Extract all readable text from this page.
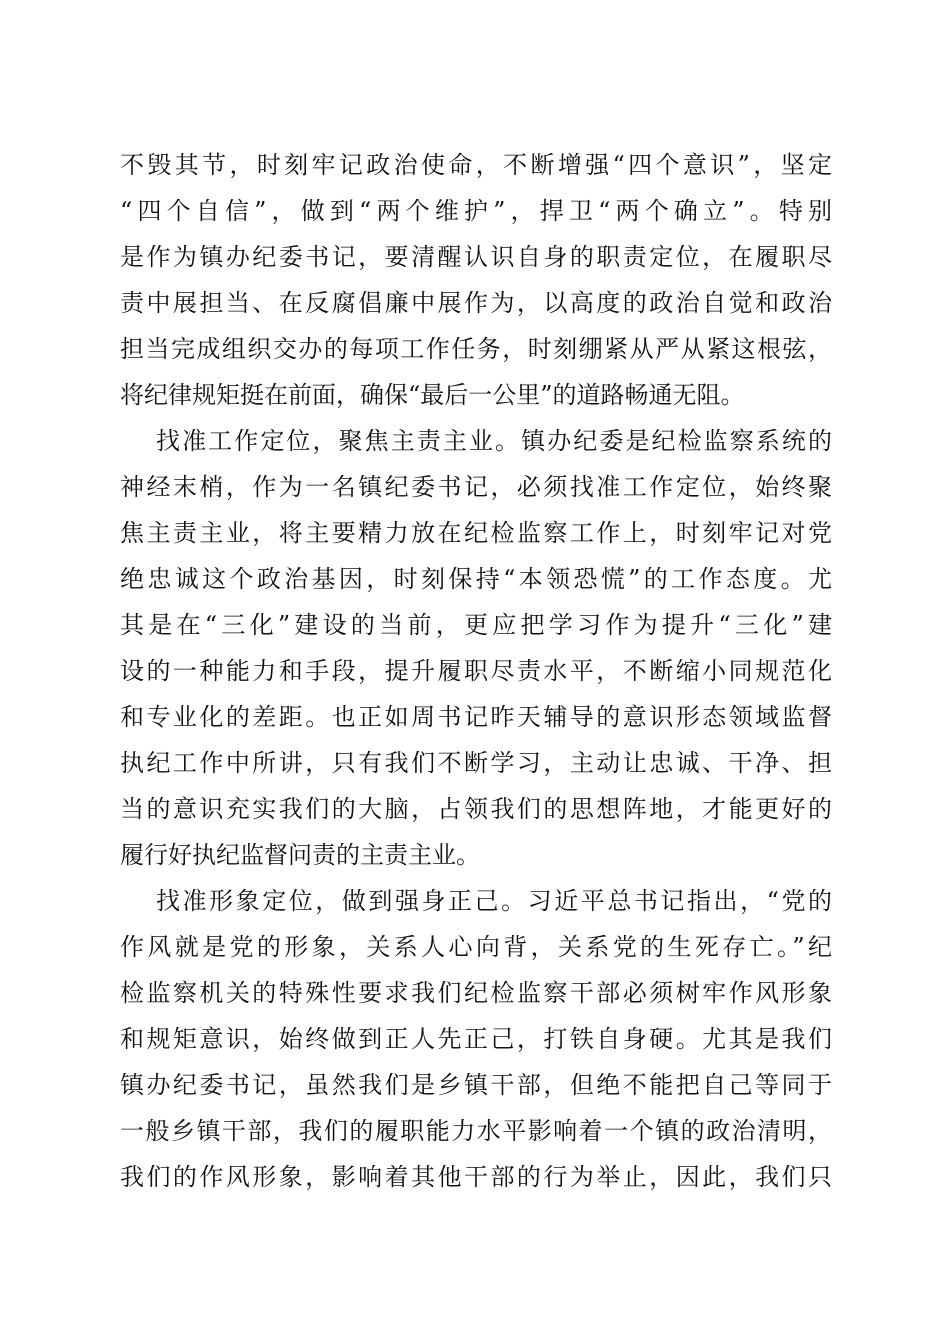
不毁其节，时刻牢记政治使命，不断增强“四个意识”，坚定
“四个自信”，做到“两个维护”，捍卫“两个确立”。特别
是作为镇办纪委书记，要清醒认识自身的职责定位，在履职尽
责中展担当、在反腐倡廉中展作为，以高度的政治自觉和政治
担当完成组织交办的每项工作任务，时刻绷紧从严从紧这根弦，
将纪律规矩挺在前面，确保“最后一公里”的道路畅通无阻。
找准工作定位，聚焦主责主业。镇办纪委是纪检监察系统的
神经末梢，作为一名镇纪委书记，必须找准工作定位，始终聚
焦主责主业，将主要精力放在纪检监察工作上，时刻牢记对党
绝忠诚这个政治基因，时刻保持“本领恐慌”的工作态度。尤
其是在“三化”建设的当前，更应把学习作为提升“三化”建
设的一种能力和手段，提升履职尽责水平，不断缩小同规范化
和专业化的差距。也正如周书记昨天辅导的意识形态领域监督
执纪工作中所讲，只有我们不断学习，主动让忠诚、干净、担
当的意识充实我们的大脑，占领我们的思想阵地，才能更好的
履行好执纪监督问责的主责主业。
找准形象定位，做到强身正己。习近平总书记指出，“党的
作风就是党的形象，关系人心向背，关系党的生死存亡。”纪
检监察机关的特殊性要求我们纪检监察干部必须树牢作风形象
和规矩意识，始终做到正人先正己，打铁自身硬。尤其是我们
镇办纪委书记，虽然我们是乡镇干部，但绝不能把自己等同于
一般乡镇干部，我们的履职能力水平影响着一个镇的政治清明，
我们的作风形象，影响着其他干部的行为举止，因此，我们只
